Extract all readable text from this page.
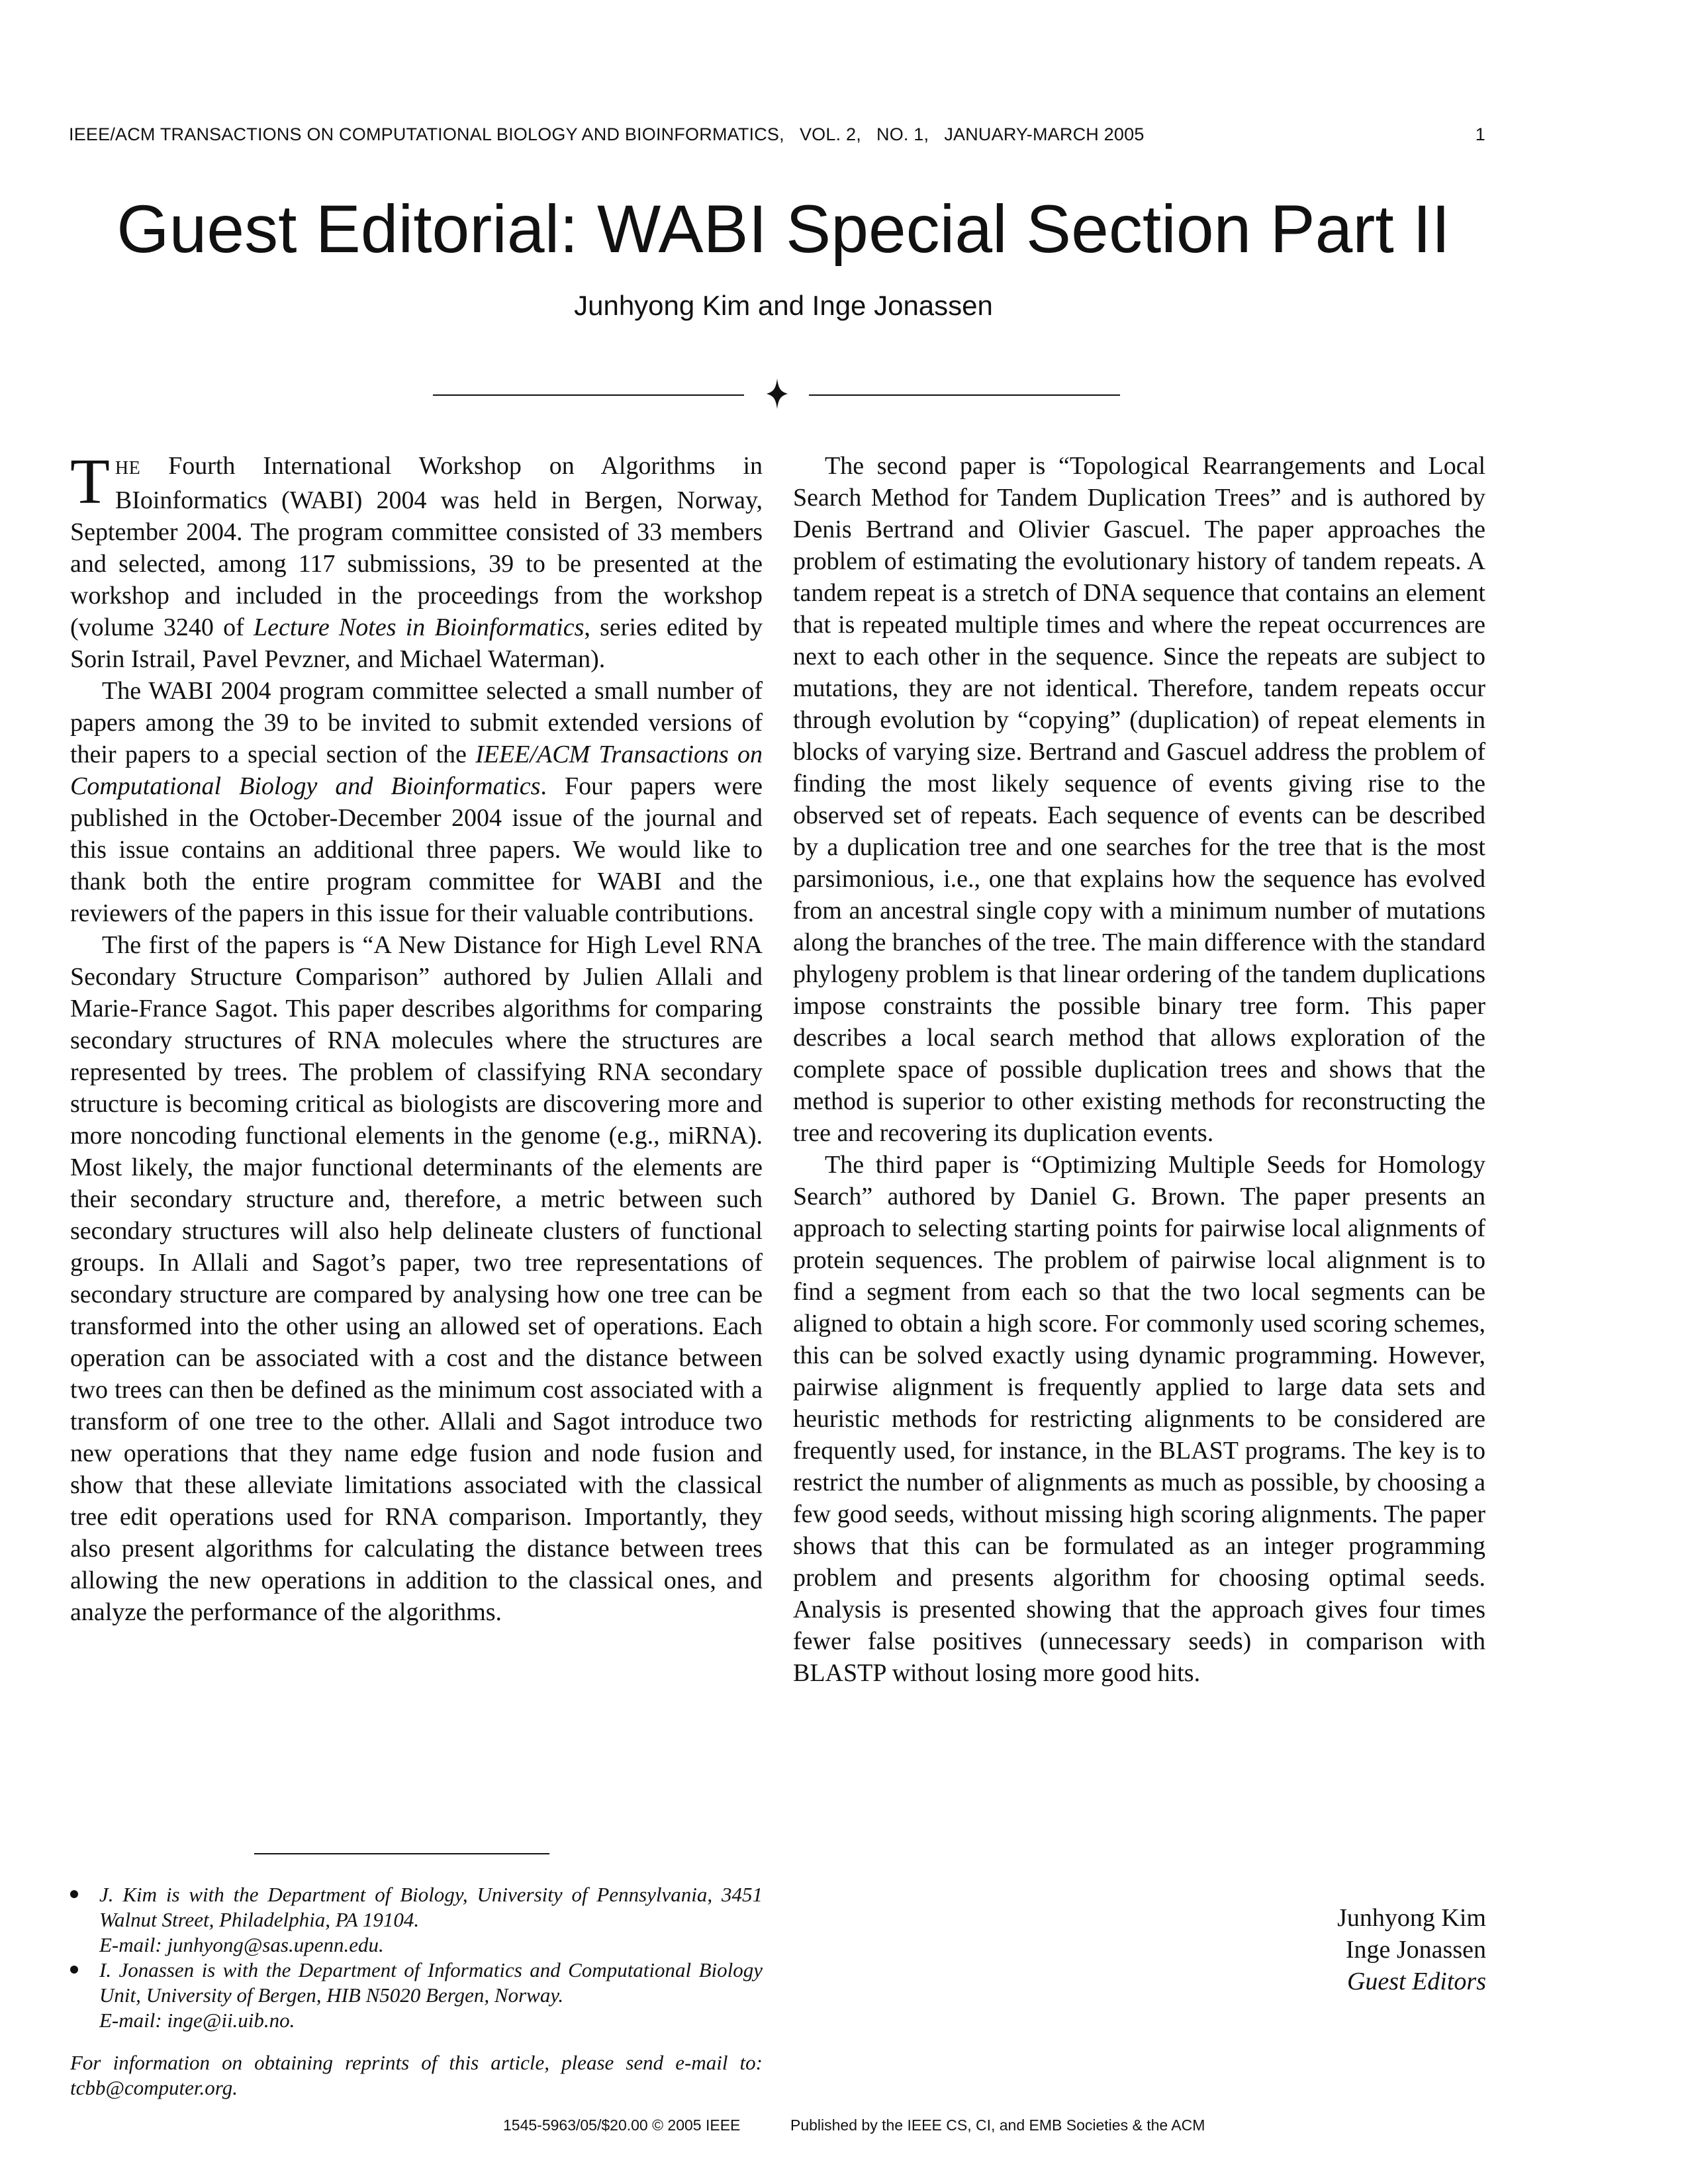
IEEE/ACM TRANSACTIONS ON COMPUTATIONAL BIOLOGY AND BIOINFORMATICS,   VOL. 2,   NO. 1,   JANUARY-MARCH 2005	1
Guest Editorial: WABI Special Section Part II
Junhyong Kim and Inge Jonassen

THE Fourth International Workshop on Algorithms in BIoinformatics (WABI) 2004 was held in Bergen, Norway, September 2004. The program committee consisted of 33 members and selected, among 117 submissions, 39 to be presented at the workshop and included in the proceedings from the workshop (volume 3240 of Lecture Notes in Bioinformatics, series edited by Sorin Istrail, Pavel Pevzner, and Michael Waterman).

The WABI 2004 program committee selected a small number of papers among the 39 to be invited to submit extended versions of their papers to a special section of the IEEE/ACM Transactions on Computational Biology and Bioinformatics. Four papers were published in the October-December 2004 issue of the journal and this issue contains an additional three papers. We would like to thank both the entire program committee for WABI and the reviewers of the papers in this issue for their valuable contributions.

The first of the papers is “A New Distance for High Level RNA Secondary Structure Comparison” authored by Julien Allali and Marie-France Sagot. This paper describes algorithms for comparing secondary structures of RNA molecules where the structures are represented by trees. The problem of classifying RNA secondary structure is becoming critical as biologists are discovering more and more noncoding functional elements in the genome (e.g., miRNA). Most likely, the major functional determinants of the elements are their secondary structure and, therefore, a metric between such secondary structures will also help delineate clusters of functional groups. In Allali and Sagot’s paper, two tree representations of secondary structure are compared by analysing how one tree can be transformed into the other using an allowed set of operations. Each operation can be associated with a cost and the distance between two trees can then be defined as the minimum cost associated with a transform of one tree to the other. Allali and Sagot introduce two new operations that they name edge fusion and node fusion and show that these alleviate limitations associated with the classical tree edit operations used for RNA comparison. Importantly, they also present algorithms for calculating the distance between trees allowing the new operations in addition to the classical ones, and analyze the performance of the algorithms.

The second paper is “Topological Rearrangements and Local Search Method for Tandem Duplication Trees” and is authored by Denis Bertrand and Olivier Gascuel. The paper approaches the problem of estimating the evolutionary history of tandem repeats. A tandem repeat is a stretch of DNA sequence that contains an element that is repeated multiple times and where the repeat occurrences are next to each other in the sequence. Since the repeats are subject to mutations, they are not identical. Therefore, tandem repeats occur through evolution by “copying” (duplication) of repeat elements in blocks of varying size. Bertrand and Gascuel address the problem of finding the most likely sequence of events giving rise to the observed set of repeats. Each sequence of events can be described by a duplication tree and one searches for the tree that is the most parsimonious, i.e., one that explains how the sequence has evolved from an ancestral single copy with a minimum number of mutations along the branches of the tree. The main difference with the standard phylogeny problem is that linear ordering of the tandem duplications impose constraints the possible binary tree form. This paper describes a local search method that allows exploration of the complete space of possible duplication trees and shows that the method is superior to other existing methods for reconstructing the tree and recovering its duplication events.

The third paper is “Optimizing Multiple Seeds for Homology Search” authored by Daniel G. Brown. The paper presents an approach to selecting starting points for pairwise local alignments of protein sequences. The problem of pairwise local alignment is to find a segment from each so that the two local segments can be aligned to obtain a high score. For commonly used scoring schemes, this can be solved exactly using dynamic programming. However, pairwise alignment is frequently applied to large data sets and heuristic methods for restricting alignments to be considered are frequently used, for instance, in the BLAST programs. The key is to restrict the number of alignments as much as possible, by choosing a few good seeds, without missing high scoring alignments. The paper shows that this can be formulated as an integer programming problem and presents algorithm for choosing optimal seeds. Analysis is presented showing that the approach gives four times fewer false positives (unnecessary seeds) in comparison with BLASTP without losing more good hits.

J. Kim is with the Department of Biology, University of Pennsylvania, 3451 Walnut Street, Philadelphia, PA 19104.
E-mail: junhyong@sas.upenn.edu.
I. Jonassen is with the Department of Informatics and Computational Biology Unit, University of Bergen, HIB N5020 Bergen, Norway.
E-mail: inge@ii.uib.no.
For information on obtaining reprints of this article, please send e-mail to: tcbb@computer.org.
Junhyong Kim
Inge Jonassen
Guest Editors
1545-5963/05/$20.00 © 2005 IEEE	Published by the IEEE CS, CI, and EMB Societies & the ACM
